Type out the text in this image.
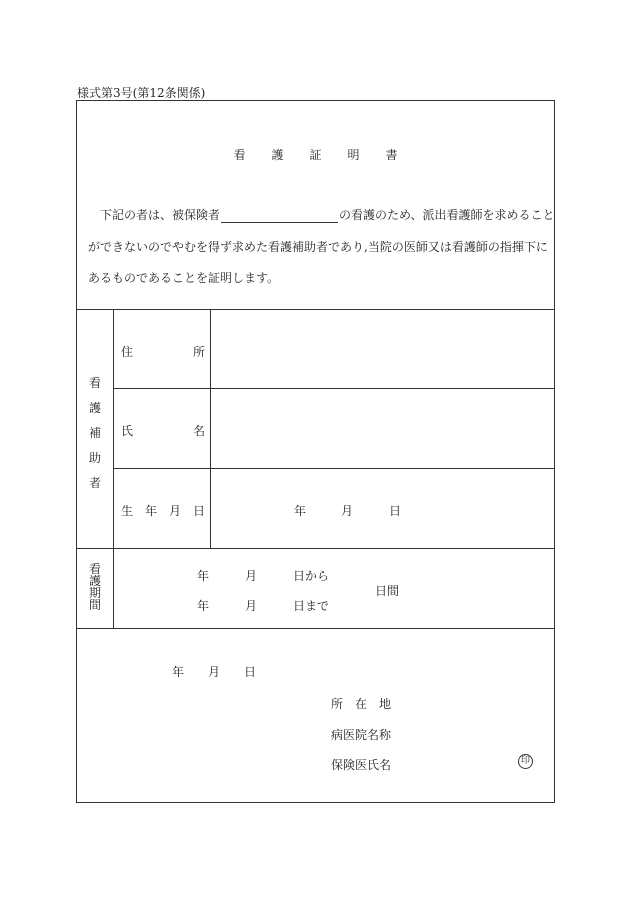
様式第3号(第12条関係)
看 護 証 明 書
下記の者は、被保険者	の看護のため、派出看護師を求めること
ができないのでやむを得ず求めた看護補助者であり,当院の医師又は看護師の指揮下に
あるものであることを証明します。
看
護
補
助
者
住	所
氏	名
生 年 月 日	年	月	日
看
護
期
間
年	月	日から
年	月	日まで
日間
年 月 日
所　在　地
病医院名称
保険医氏名	印
